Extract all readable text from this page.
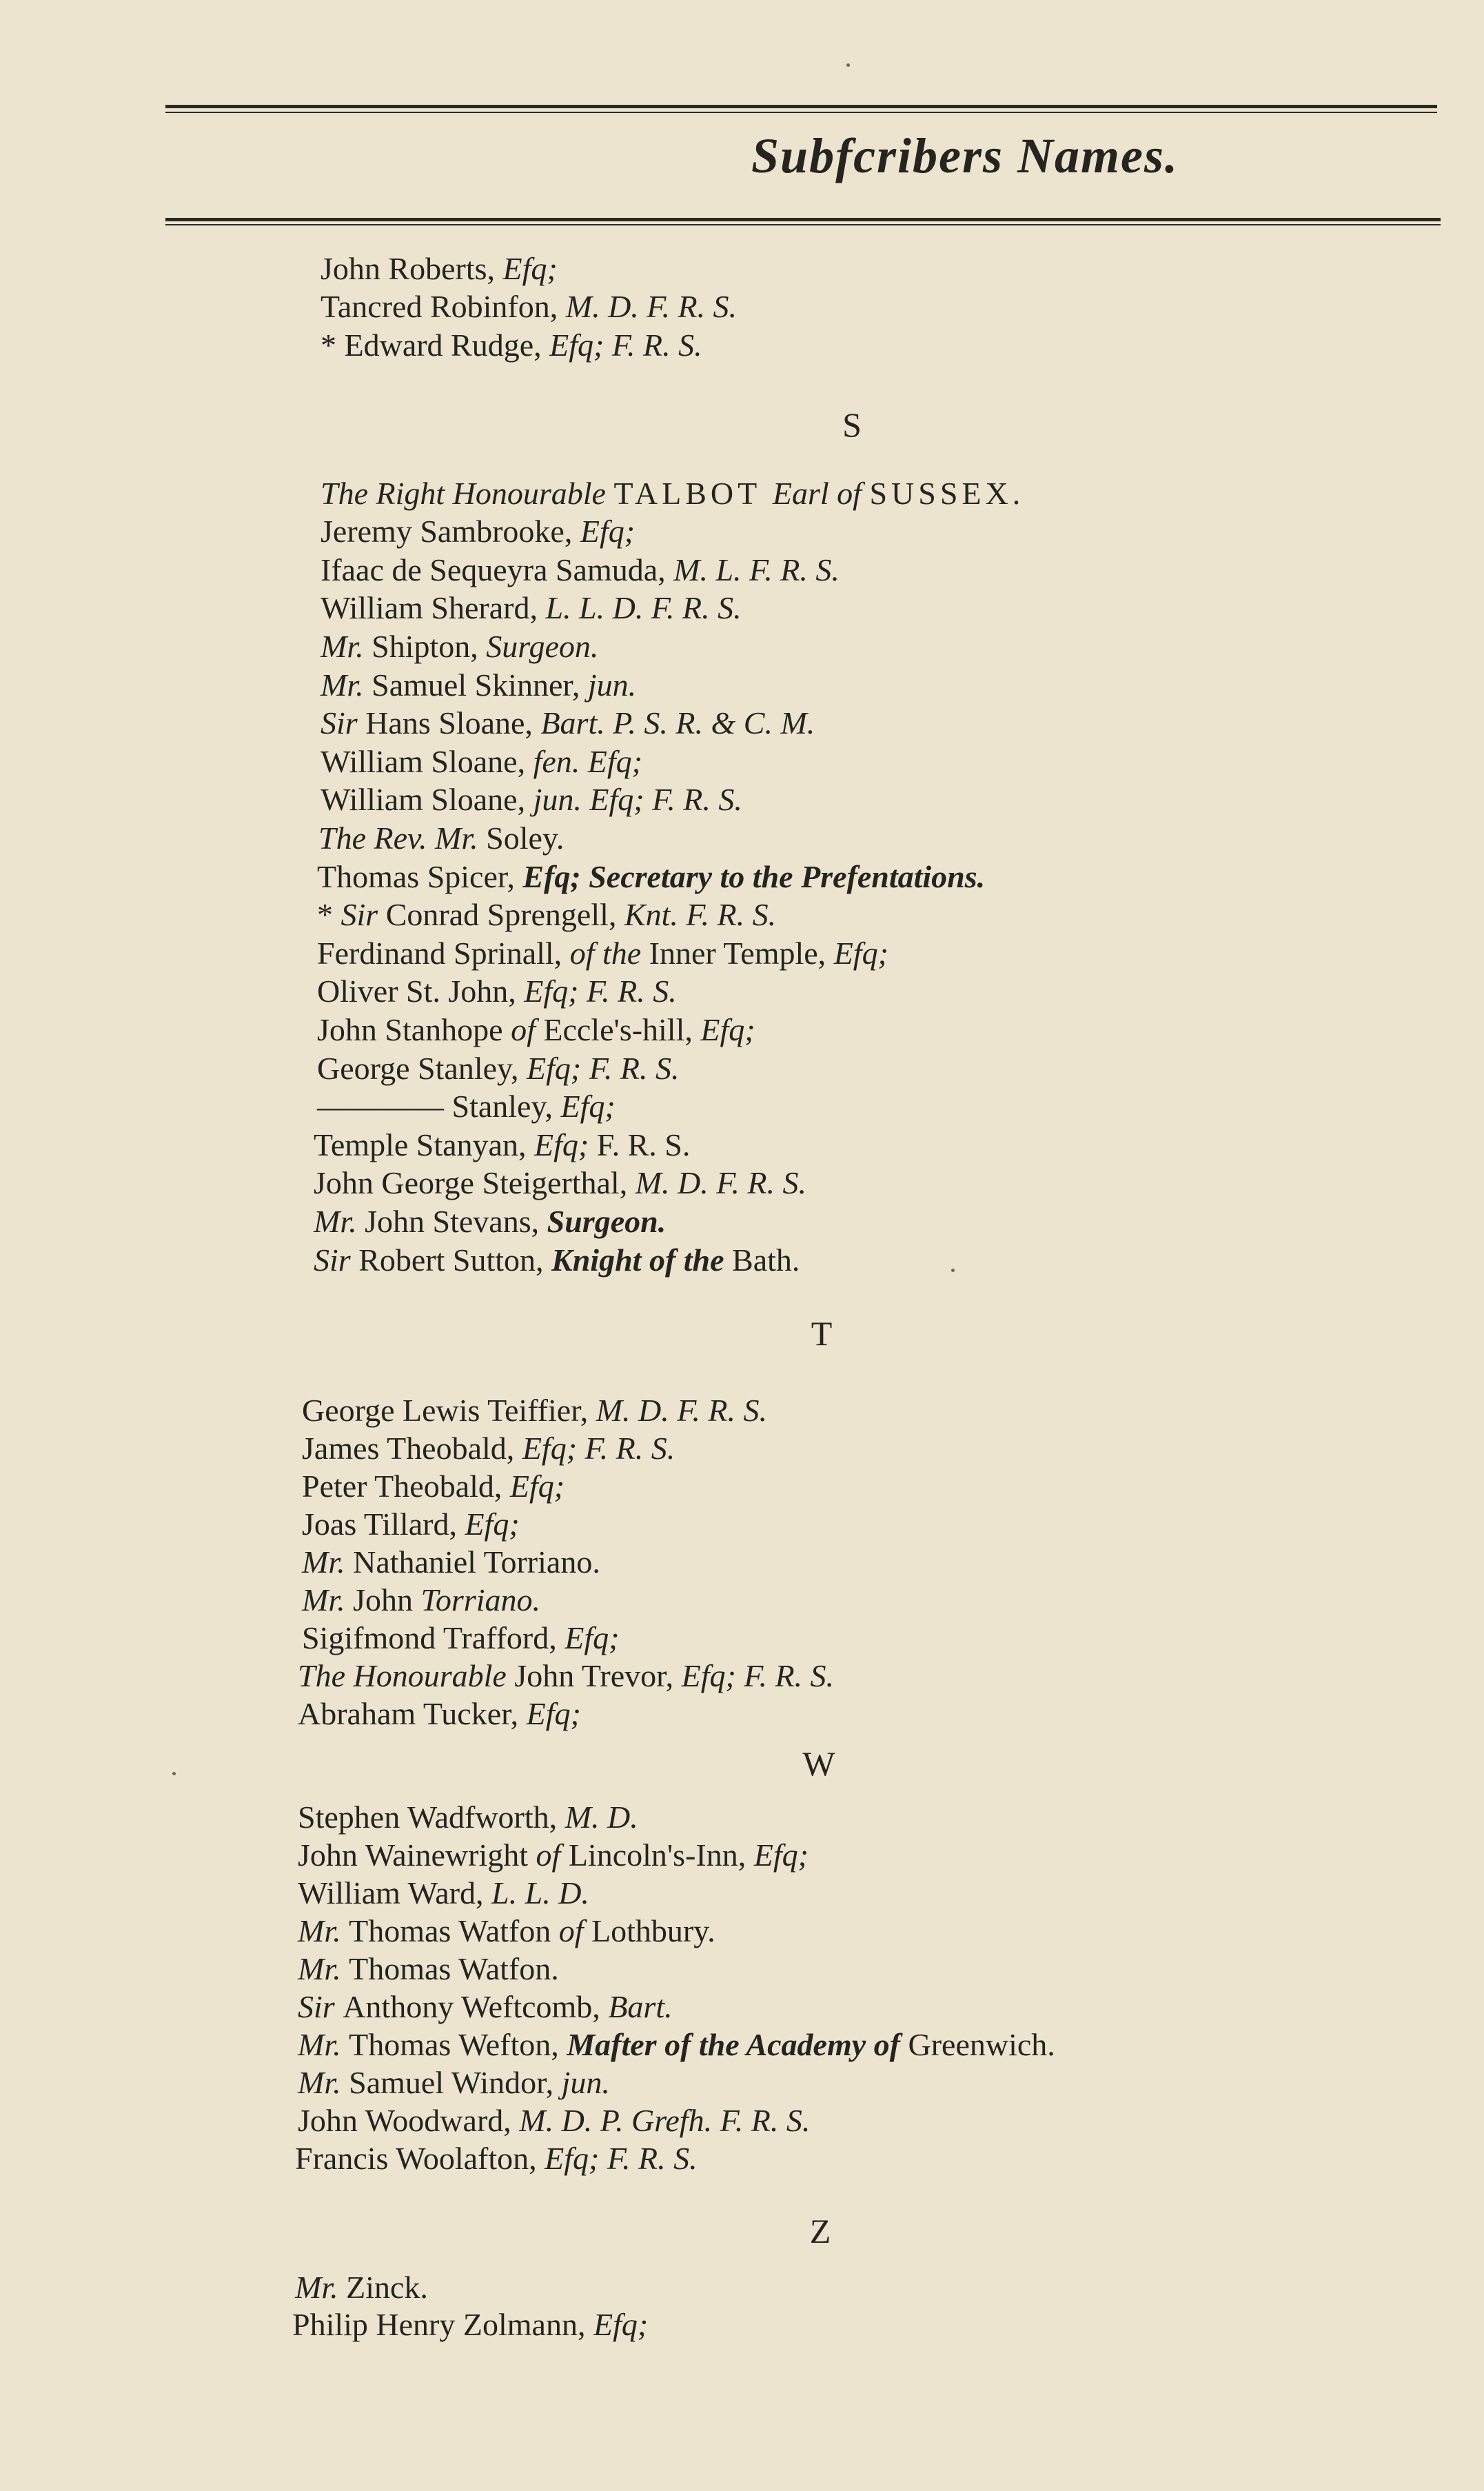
Subfcribers Names.

John Roberts, Efq;

Tancred Robinfon, M. D. F. R. S.

* Edward Rudge, Efq; F. R. S.

S

The Right Honourable TALBOT Earl of SUSSEX.

Jeremy Sambrooke, Efq;

Ifaac de Sequeyra Samuda, M. L. F. R. S.

William Sherard, L. L. D. F. R. S.

Mr. Shipton, Surgeon.

Mr. Samuel Skinner, jun.

Sir Hans Sloane, Bart. P. S. R. & C. M.

William Sloane, fen. Efq;

William Sloane, jun. Efq; F. R. S.

The Rev. Mr. Soley.

Thomas Spicer, Efq; Secretary to the Prefentations.

* Sir Conrad Sprengell, Knt. F. R. S.

Ferdinand Sprinall, of the Inner Temple, Efq;

Oliver St. John, Efq; F. R. S.

John Stanhope of Eccle's-hill, Efq;

George Stanley, Efq; F. R. S.

———— Stanley, Efq;

Temple Stanyan, Efq; F. R. S.

John George Steigerthal, M. D. F. R. S.

Mr. John Stevans, Surgeon.

Sir Robert Sutton, Knight of the Bath.

T

George Lewis Teiffier, M. D. F. R. S.

James Theobald, Efq; F. R. S.

Peter Theobald, Efq;

Joas Tillard, Efq;

Mr. Nathaniel Torriano.

Mr. John Torriano.

Sigifmond Trafford, Efq;

The Honourable John Trevor, Efq; F. R. S.

Abraham Tucker, Efq;

W

Stephen Wadfworth, M. D.

John Wainewright of Lincoln's-Inn, Efq;

William Ward, L. L. D.

Mr. Thomas Watfon of Lothbury.

Mr. Thomas Watfon.

Sir Anthony Weftcomb, Bart.

Mr. Thomas Wefton, Mafter of the Academy of Greenwich.

Mr. Samuel Windor, jun.

John Woodward, M. D. P. Grefh. F. R. S.

Francis Woolafton, Efq; F. R. S.

Z

Mr. Zinck.

Philip Henry Zolmann, Efq;
